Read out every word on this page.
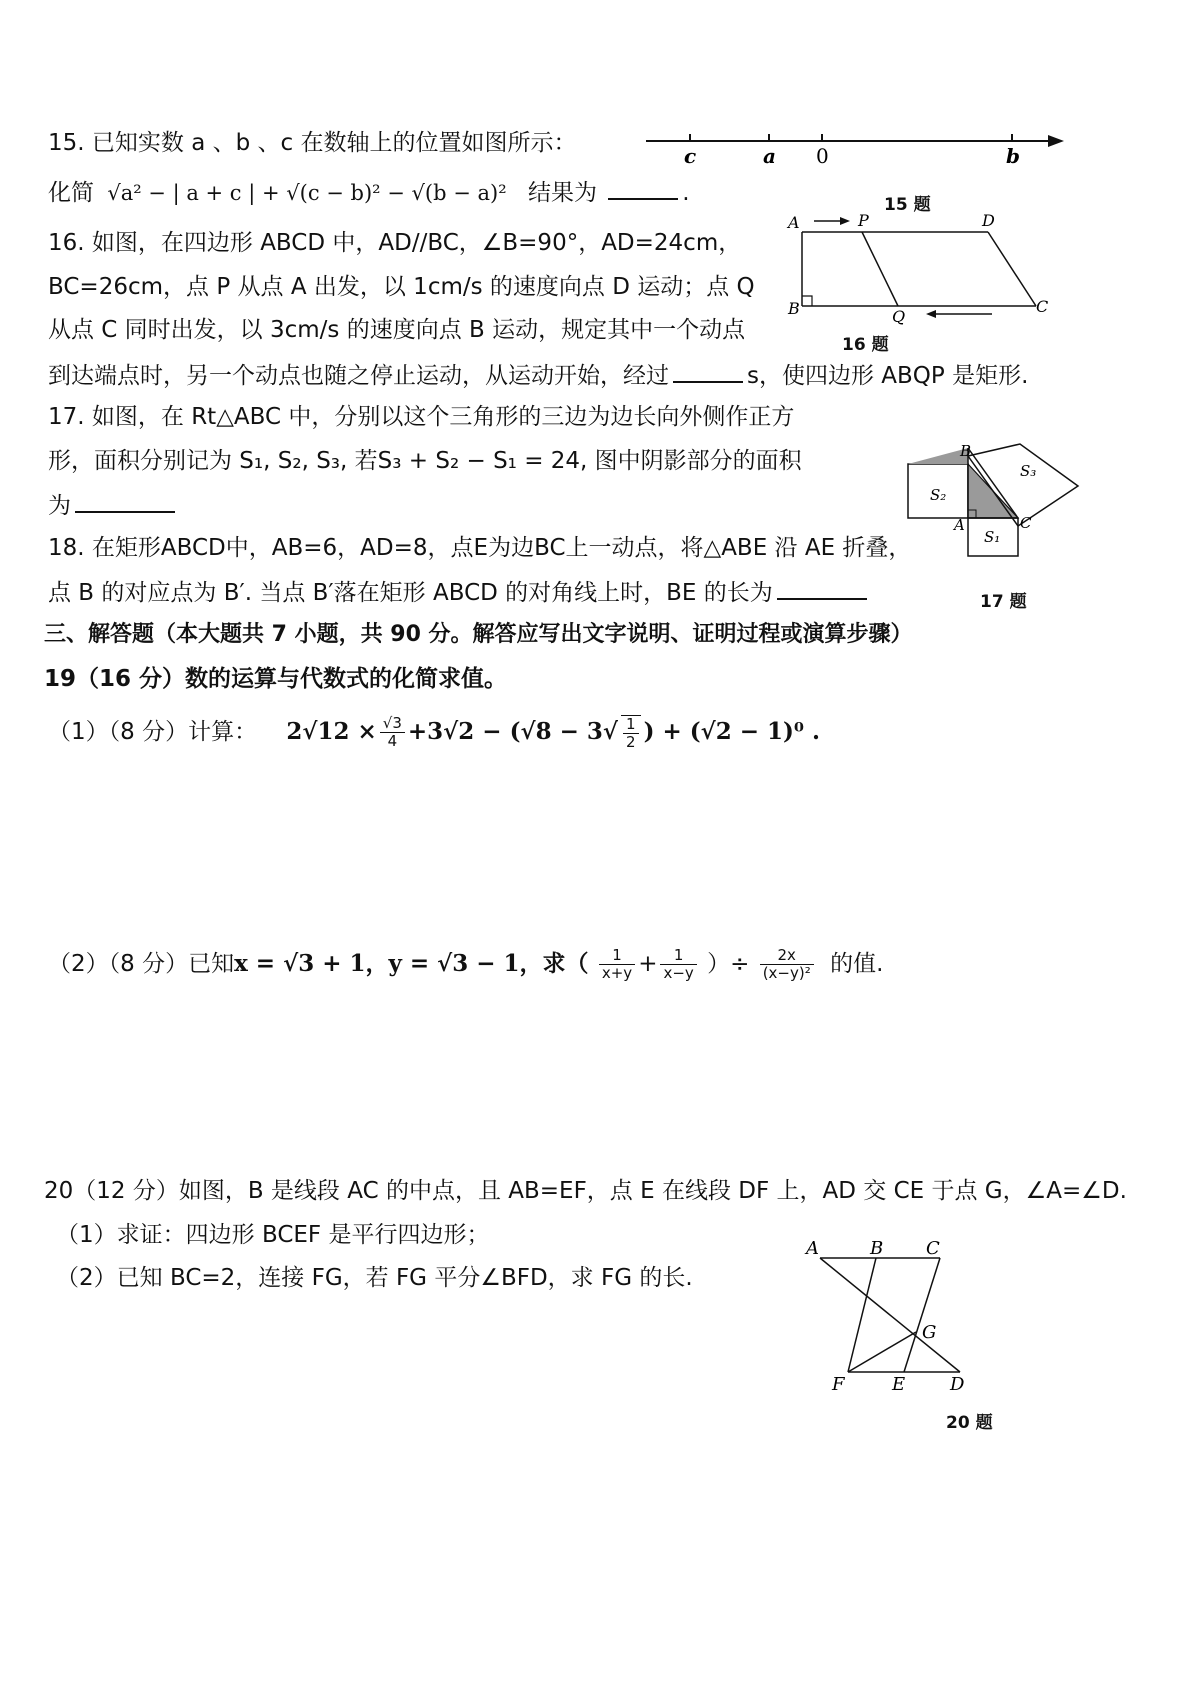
15. 已知实数 a 、b 、c 在数轴上的位置如图所示：
化简 √a² − | a + c | + √(c − b)² − √(b − a)² 结果为	.
c	a 0	b
15 题
16. 如图，在四边形 ABCD 中，AD//BC，∠B=90°，AD=24cm，
BC=26cm，点 P 从点 A 出发，以 1cm/s 的速度向点 D 运动；点 Q
从点 C 同时出发，以 3cm/s 的速度向点 B 运动，规定其中一个动点
到达端点时，另一个动点也随之停止运动，从运动开始，经过	s，使四边形 ABQP 是矩形.
A	P	D
B	Q
C
16 题
17. 如图，在 Rt△ABC 中，分别以这个三角形的三边为边长向外侧作正方
形，面积分别记为 S₁, S₂, S₃, 若S₃ + S₂ − S₁ = 24, 图中阴影部分的面积
为
B
A	C
S₁
S₂
S₃
17 题
18. 在矩形ABCD中，AB=6，AD=8，点E为边BC上一动点，将△ABE 沿 AE 折叠，
点 B 的对应点为 B′. 当点 B′落在矩形 ABCD 的对角线上时，BE 的长为
三、解答题（本大题共 7 小题，共 90 分。解答应写出文字说明、证明过程或演算步骤）
19（16 分）数的运算与代数式的化简求值。
（1）（8 分）计算： $2√12 \times \frac{√3}{4} +3√2 - (√8 - 3√ \frac{1}{2}$ ) + (√2 − 1)⁰ .
（2）（8 分）已知x = √3 + 1，y = √3 − 1，求（ $\frac{1}{x+y} + \frac{1}{x-y}$ ）÷ $\frac{2x}{\text{(x−y)²}}$ 的值.
20（12 分）如图，B 是线段 AC 的中点，且 AB=EF，点 E 在线段 DF 上，AD 交 CE 于点 G，∠A=∠D.
（1）求证：四边形 BCEF 是平行四边形；
（2）已知 BC=2，连接 FG，若 FG 平分∠BFD，求 FG 的长.
A	B C
G
F	E D
20 题
